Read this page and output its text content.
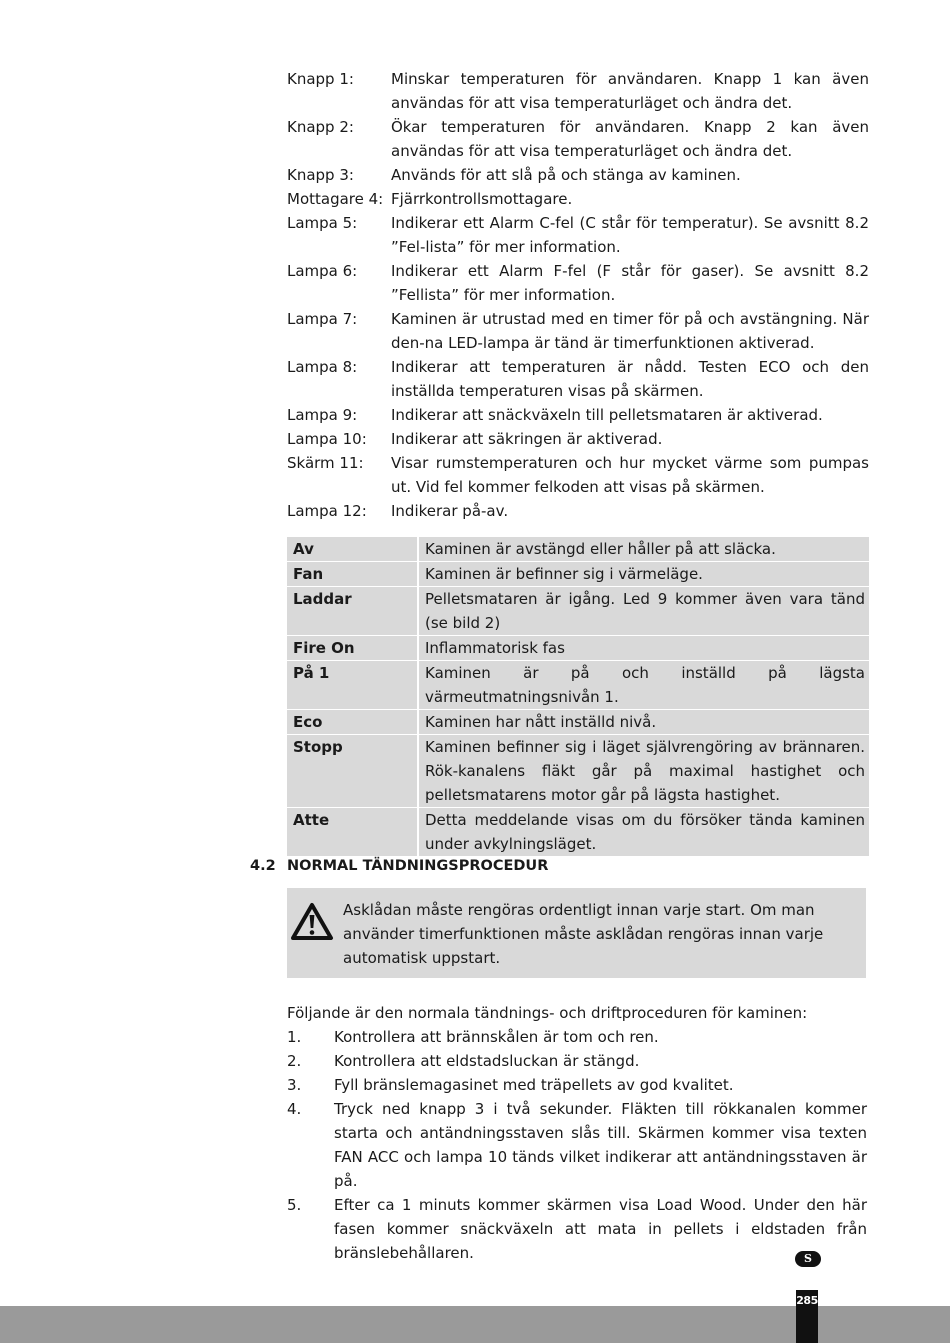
Knapp 1:	Minskar temperaturen för användaren. Knapp 1 kan även användas för att visa temperaturläget och ändra det.
Knapp 2:	Ökar temperaturen för användaren. Knapp 2 kan även användas för att visa temperaturläget och ändra det.
Knapp 3:	Används för att slå på och stänga av kaminen.
Mottagare 4: Fjärrkontrollsmottagare.
Lampa 5:	Indikerar ett Alarm C-fel (C står för temperatur). Se avsnitt 8.2 ”Fel-lista” för mer information.
Lampa 6:	Indikerar ett Alarm F-fel (F står för gaser). Se avsnitt 8.2 ”Fellista” för mer information.
Lampa 7:	Kaminen är utrustad med en timer för på och avstängning. När den-na LED-lampa är tänd är timerfunktionen aktiverad.
Lampa 8:	Indikerar att temperaturen är nådd. Testen ECO och den inställda temperaturen visas på skärmen.
Lampa 9:	Indikerar att snäckväxeln till pelletsmataren är aktiverad.
Lampa 10:	Indikerar att säkringen är aktiverad.
Skärm 11:	Visar rumstemperaturen och hur mycket värme som pumpas ut. Vid fel kommer felkoden att visas på skärmen.
Lampa 12:	Indikerar på-av.
Av	Kaminen är avstängd eller håller på att släcka.
Fan	Kaminen är befinner sig i värmeläge.
Laddar	Pelletsmataren är igång. Led 9 kommer även vara tänd (se bild 2)
Fire On	Inflammatorisk fas
På 1	Kaminen är på och inställd på lägsta värmeutmatningsnivån 1.
Eco	Kaminen har nått inställd nivå.
Stopp	Kaminen befinner sig i läget självrengöring av brännaren. Rök-kanalens fläkt går på maximal hastighet och pelletsmatarens motor går på lägsta hastighet.
Atte	Detta meddelande visas om du försöker tända kaminen under avkylningsläget.
4.2 NORMAL TÄNDNINGSPROCEDUR
Asklådan måste rengöras ordentligt innan varje start. Om man använder timerfunktionen måste asklådan rengöras innan varje automatisk uppstart.
Följande är den normala tändnings- och driftproceduren för kaminen:
1.	Kontrollera att brännskålen är tom och ren.
2.	Kontrollera att eldstadsluckan är stängd.
3.	Fyll bränslemagasinet med träpellets av god kvalitet.
4.	Tryck ned knapp 3 i två sekunder. Fläkten till rökkanalen kommer starta och antändningsstaven slås till. Skärmen kommer visa texten FAN ACC och lampa 10 tänds vilket indikerar att antändningsstaven är på.
5.	Efter ca 1 minuts kommer skärmen visa Load Wood. Under den här fasen kommer snäckväxeln att mata in pellets i eldstaden från bränslebehållaren.	S
285
